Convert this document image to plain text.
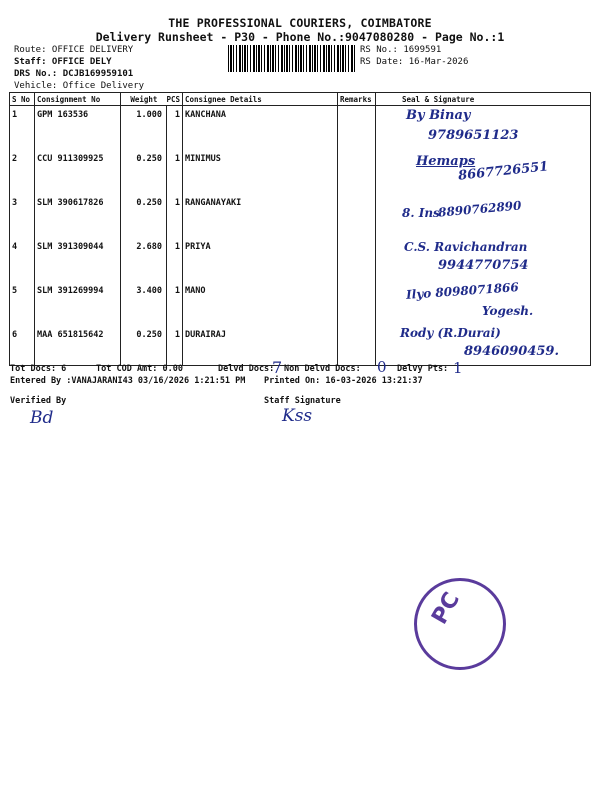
THE PROFESSIONAL COURIERS, COIMBATORE
Delivery Runsheet - P30 - Phone No.:9047080280 - Page No.:1
Route: OFFICE DELIVERY
Staff: OFFICE DELY
DRS No.: DCJB169959101
Vehicle: Office Delivery
RS No.: 1699591
RS Date: 16-Mar-2026
S No	Consignment No	Weight PCS		Consignee Details	Remarks	Seal & Signature
1	GPM 163536	1.000	1	KANCHANA		By Binay
9789651123

2	CCU 911309925	0.250	1	MINIMUS		Hemaps
8667726551

3	SLM 390617826	0.250	1	RANGANAYAKI		8. Ins
8890762890

4	SLM 391309044	2.680	1	PRIYA		C.S. Ravichandran
9944770754

5	SLM 391269994	3.400	1	MANO		Ilyo 8098071866
Yogesh.

6	MAA 651815642	0.250	1	DURAIRAJ		Rody (R.Durai)
8946090459.
Tot Docs: 6	Tot COD Amt: 0.00	Delvd Docs:
7 Non Delvd Docs: 0 Delvy Pts: 1
Entered By :VANAJARANI43 03/16/2026 1:21:51 PM Printed On: 16-03-2026 13:21:37
Verified By	Staff Signature
Bd	Kss
PC
